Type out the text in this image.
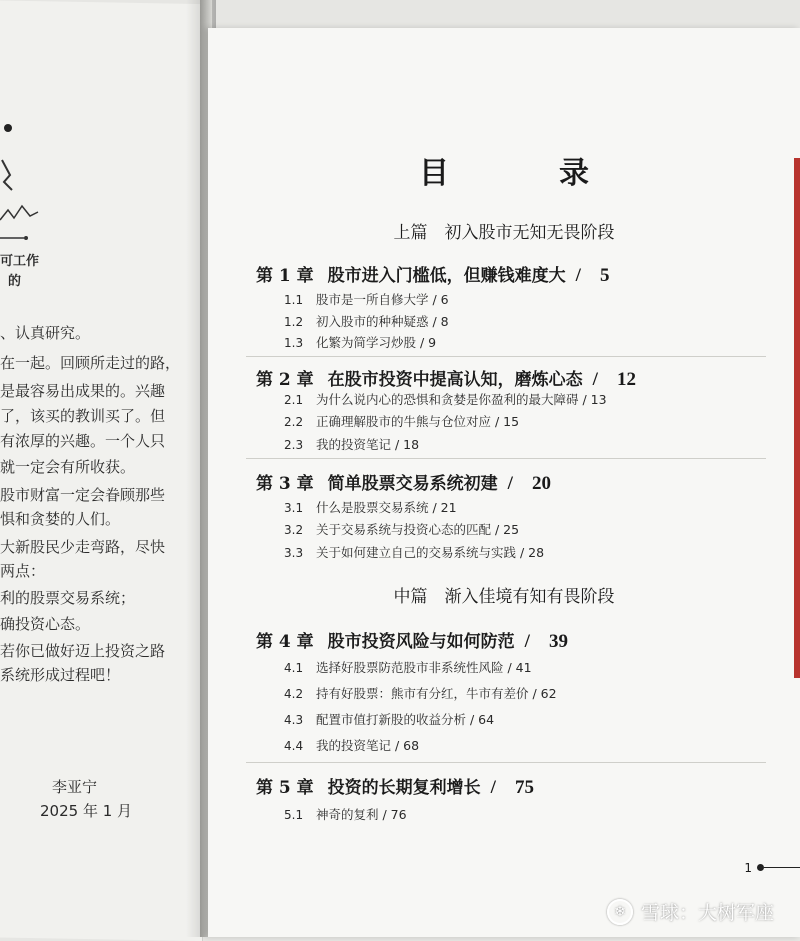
可工作
的
、认真研究。
在一起。回顾所走过的路，
是最容易出成果的。兴趣
了，该买的教训买了。但
有浓厚的兴趣。一个人只
就一定会有所收获。
股市财富一定会眷顾那些
惧和贪婪的人们。
大新股民少走弯路，尽快
两点：
利的股票交易系统；
确投资心态。
若你已做好迈上投资之路
系统形成过程吧！
李亚宁
2025 年 1 月
目　录
上篇　初入股市无知无畏阶段
第 1 章 股市进入门槛低，但赚钱难度大 /　5
1.1 股市是一所自修大学 / 6
1.2 初入股市的种种疑惑 / 8
1.3 化繁为简学习炒股 / 9
第 2 章 在股市投资中提高认知，磨炼心态 /　12
2.1 为什么说内心的恐惧和贪婪是你盈利的最大障碍 / 13
2.2 正确理解股市的牛熊与仓位对应 / 15
2.3 我的投资笔记 / 18
第 3 章 简单股票交易系统初建 /　20
3.1 什么是股票交易系统 / 21
3.2 关于交易系统与投资心态的匹配 / 25
3.3 关于如何建立自己的交易系统与实践 / 28
中篇　渐入佳境有知有畏阶段
第 4 章 股市投资风险与如何防范 /　39
4.1 选择好股票防范股市非系统性风险 / 41
4.2 持有好股票：熊市有分红，牛市有差价 / 62
4.3 配置市值打新股的收益分析 / 64
4.4 我的投资笔记 / 68
第 5 章 投资的长期复利增长 /　75
5.1 神奇的复利 / 76
1
❄ 雪球：大树军座
